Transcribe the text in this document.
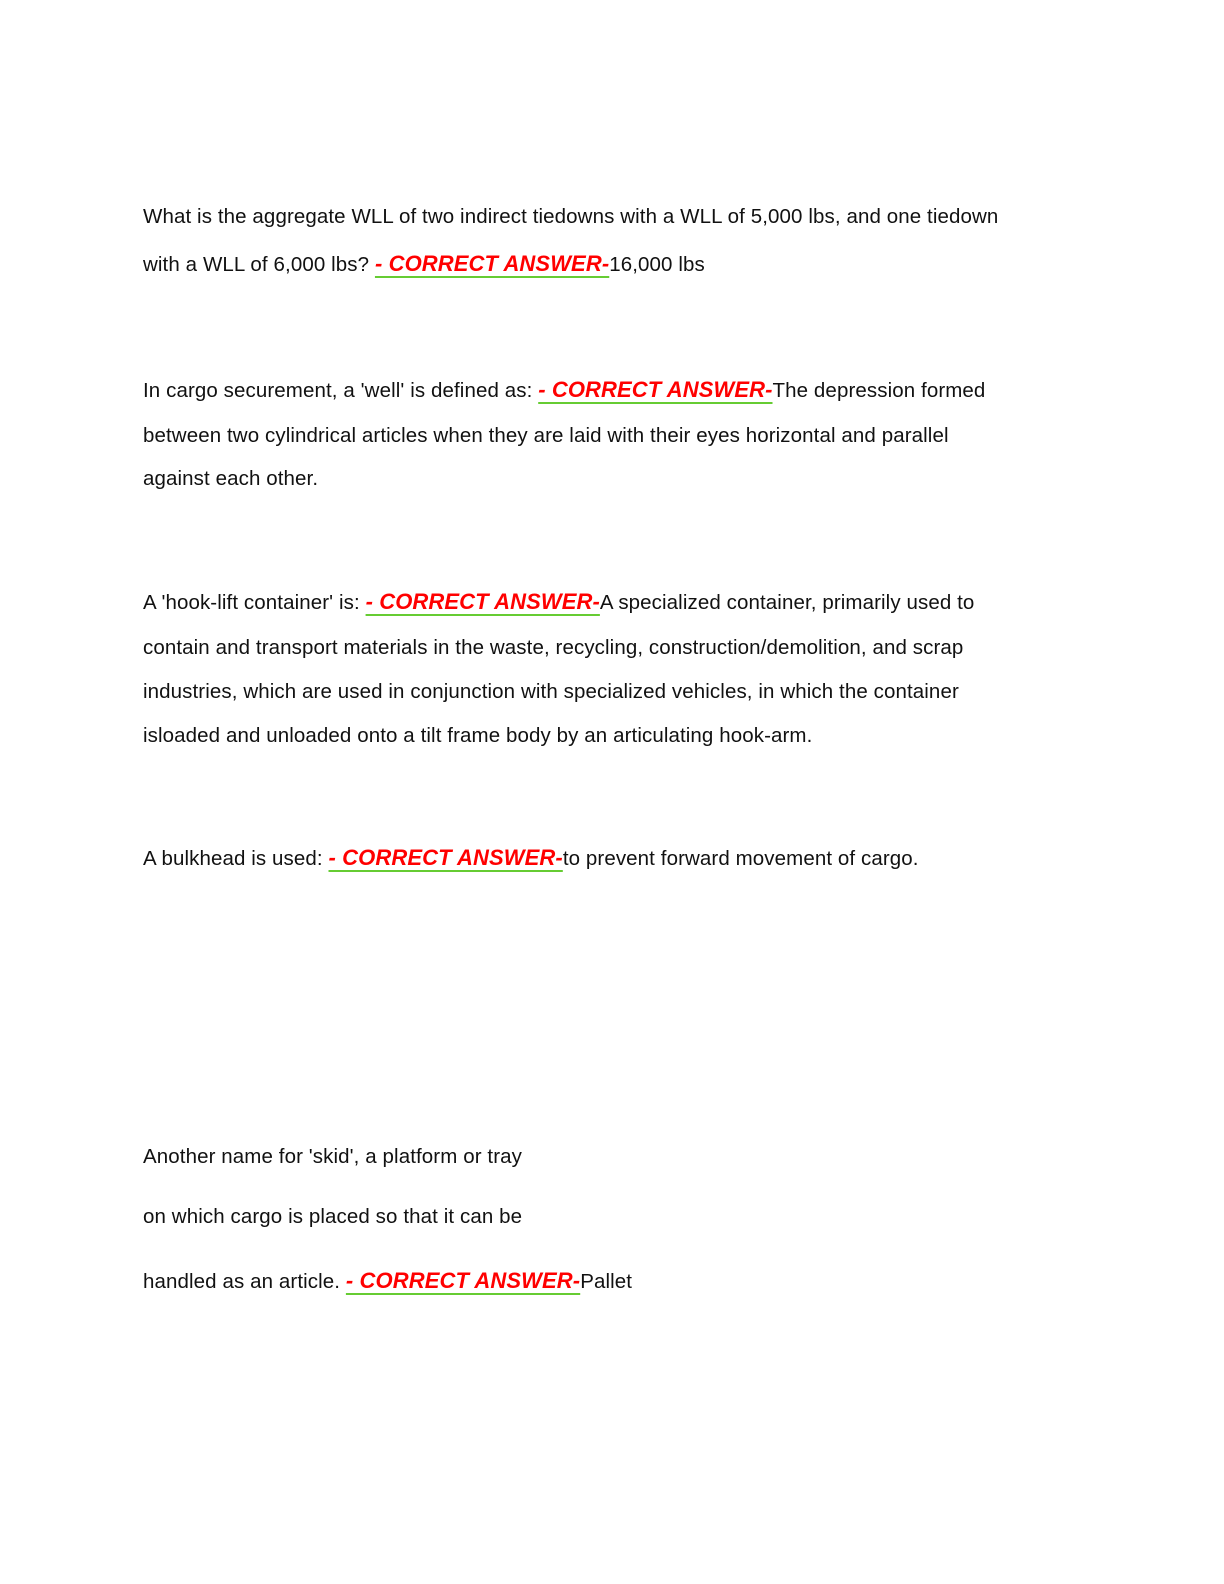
What is the aggregate WLL of two indirect tiedowns with a WLL of 5,000 lbs, and one tiedown
with a WLL of 6,000 lbs? - CORRECT ANSWER-16,000 lbs
In cargo securement, a 'well' is defined as: - CORRECT ANSWER-The depression formed
between two cylindrical articles when they are laid with their eyes horizontal and parallel
against each other.
A 'hook-lift container' is: - CORRECT ANSWER-A specialized container, primarily used to
contain and transport materials in the waste, recycling, construction/demolition, and scrap
industries, which are used in conjunction with specialized vehicles, in which the container
isloaded and unloaded onto a tilt frame body by an articulating hook-arm.
A bulkhead is used: - CORRECT ANSWER-to prevent forward movement of cargo.
Another name for 'skid', a platform or tray
on which cargo is placed so that it can be
handled as an article. - CORRECT ANSWER-Pallet
